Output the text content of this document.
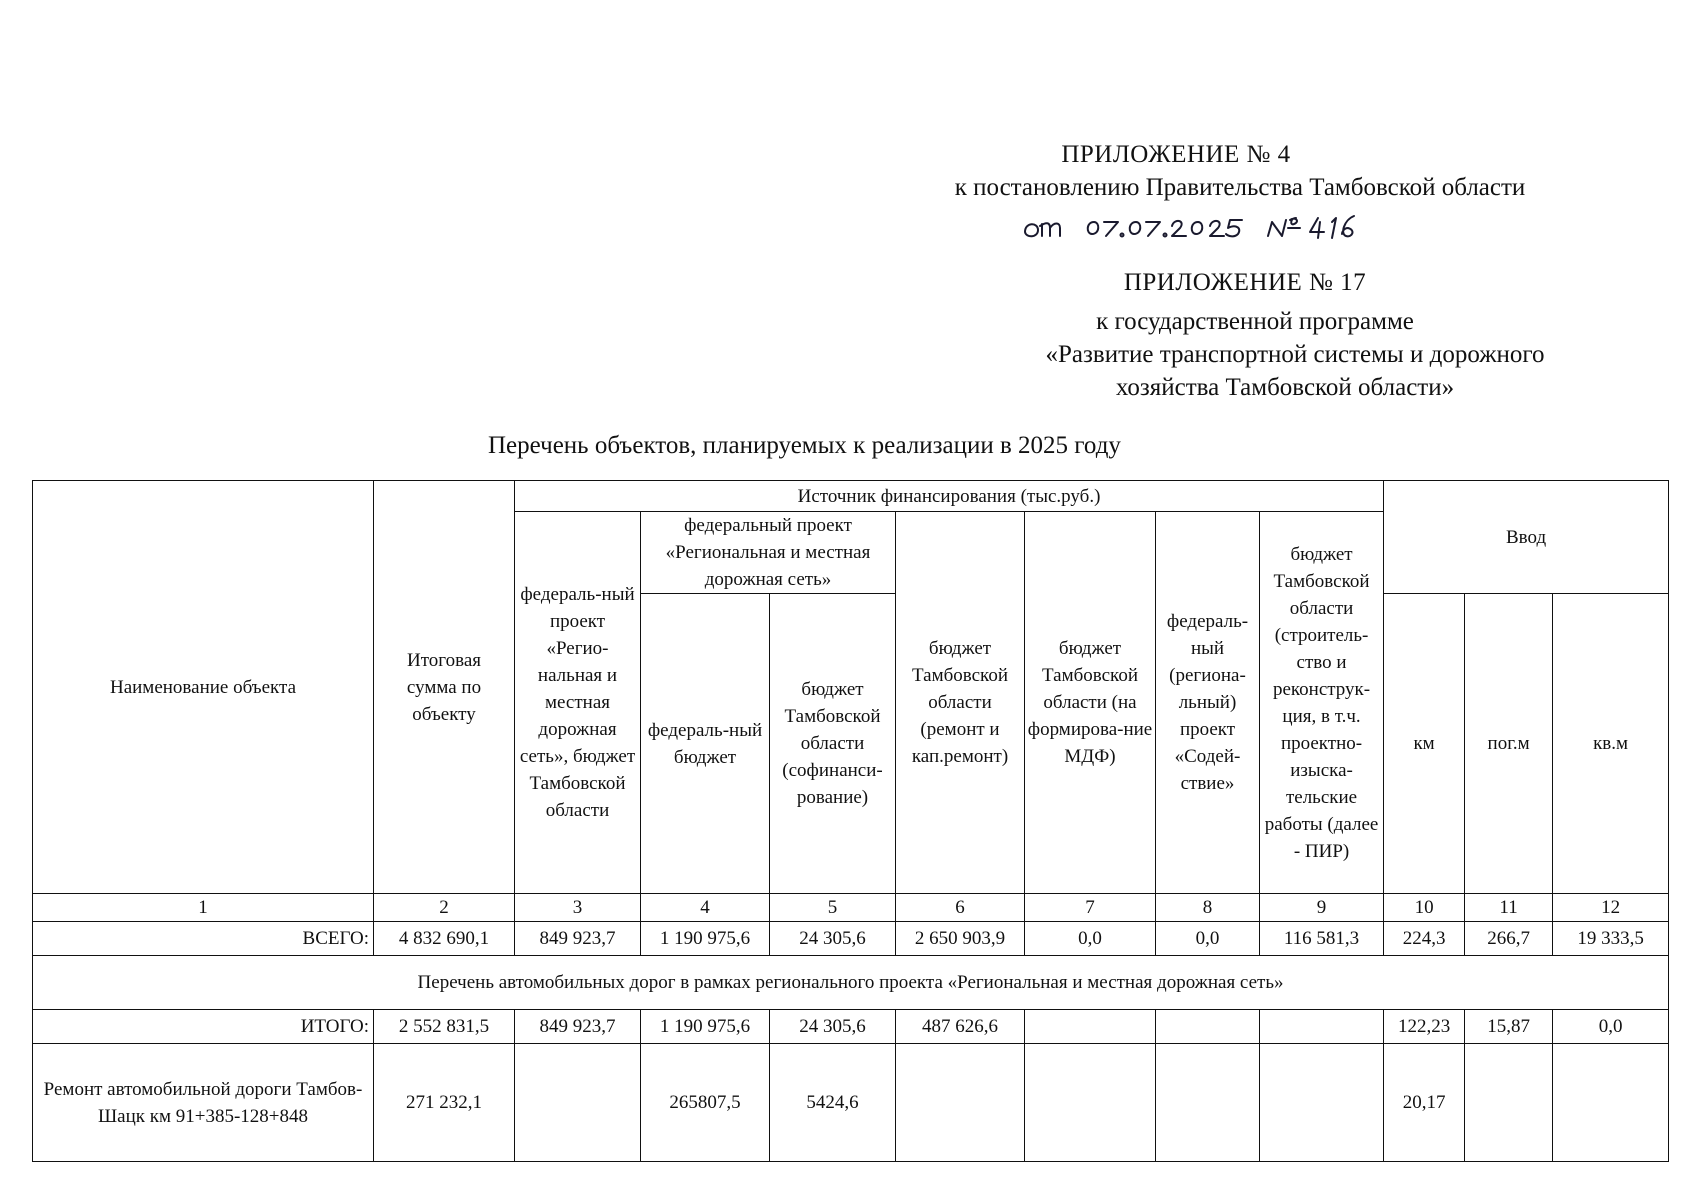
ПРИЛОЖЕНИЕ № 4
к постановлению Правительства Тамбовской области
ПРИЛОЖЕНИЕ № 17
к государственной программе
«Развитие транспортной системы и дорожного
хозяйства Тамбовской области»
Перечень объектов, планируемых к реализации в 2025 году
Наименование объекта	Итоговая сумма по объекту	Источник финансирования (тыс.руб.)							Ввод		
		федераль-ный проект «Регио-нальная и местная дорожная сеть», бюджет Тамбовской области	федеральный проект «Региональная и местная дорожная сеть»		бюджет Тамбовской области (ремонт и кап.ремонт)	бюджет Тамбовской области (на формирова-ние МДФ)	федераль-ный (региона-льный) проект «Содей-ствие»	бюджет Тамбовской области (строитель-ство и реконструк-ция, в т.ч. проектно-изыска-тельские работы (далее - ПИР)			
			федераль-ный бюджет	бюджет Тамбовской области (софинанси-рование)					км	пог.м	кв.м

1	2	3	4	5	6	7	8	9	10	11	12
ВСЕГО:	4 832 690,1	849 923,7	1 190 975,6	24 305,6	2 650 903,9	0,0	0,0	116 581,3	224,3	266,7	19 333,5
Перечень автомобильных дорог в рамках регионального проекта «Региональная и местная дорожная сеть»											
ИТОГО:	2 552 831,5	849 923,7	1 190 975,6	24 305,6	487 626,6				122,23	15,87	0,0
Ремонт автомобильной дороги Тамбов-Шацк км 91+385-128+848	271 232,1		265807,5	5424,6					20,17		
